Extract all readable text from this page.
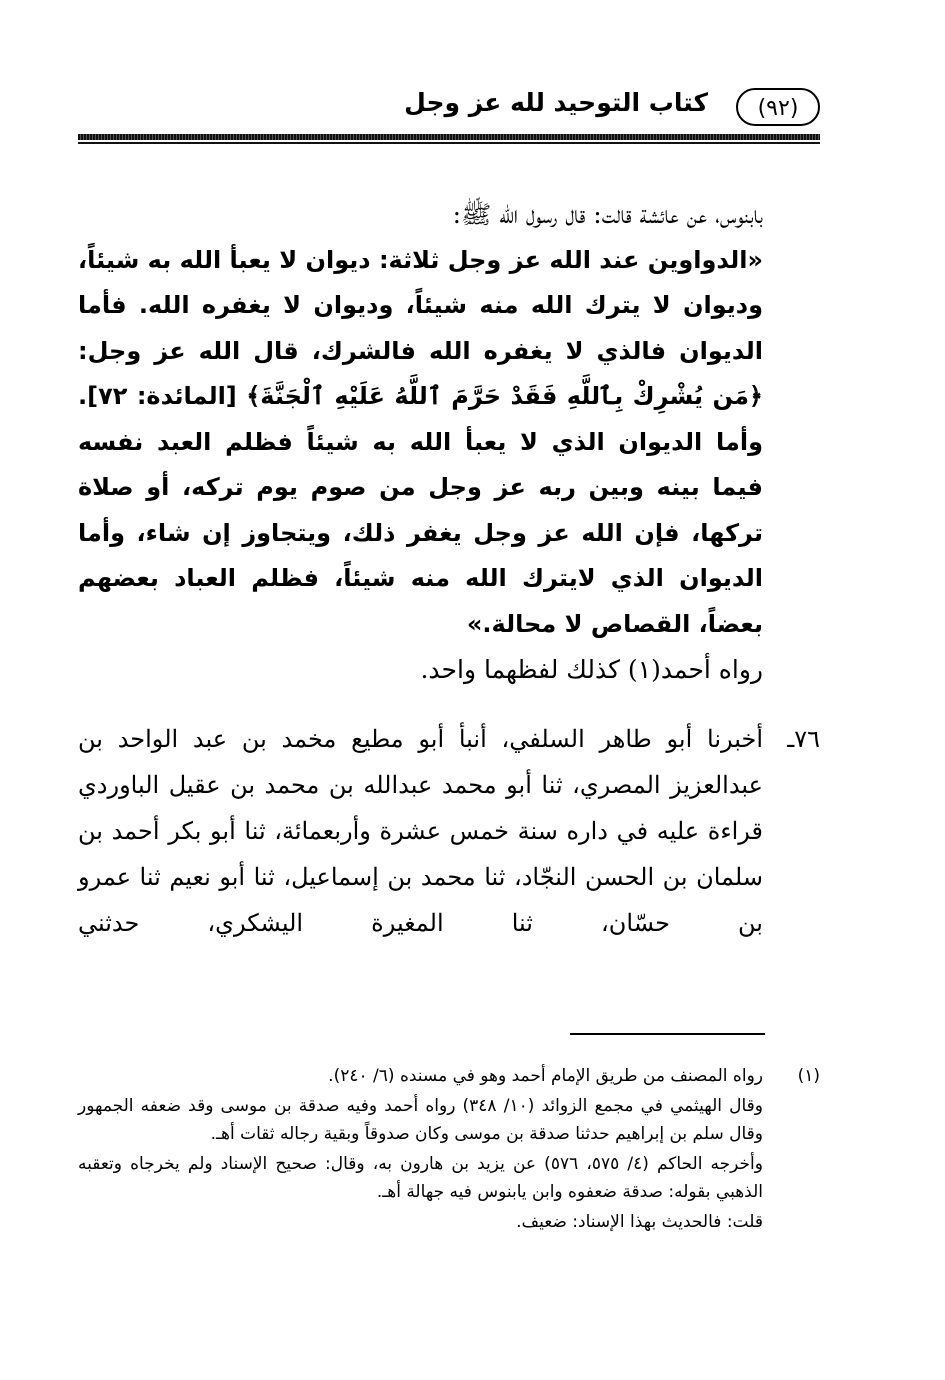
(٩٢)
كتاب التوحيد لله عز وجل

بابنوس، عن عائشة قالت: قال رسول الله ﷺ:

«الدواوين عند الله عز وجل ثلاثة: ديوان لا يعبأ الله به شيئاً، وديوان لا يترك الله منه شيئاً، وديوان لا يغفره الله. فأما الديوان فالذي لا يغفره الله فالشرك، قال الله عز وجل: ﴿مَن يُشْرِكْ بِٱللَّهِ فَقَدْ حَرَّمَ ٱللَّهُ عَلَيْهِ ٱلْجَنَّةَ﴾ [المائدة: ٧٢]. وأما الديوان الذي لا يعبأ الله به شيئاً فظلم العبد نفسه فيما بينه وبين ربه عز وجل من صوم يوم تركه، أو صلاة تركها، فإن الله عز وجل يغفر ذلك، ويتجاوز إن شاء، وأما الديوان الذي لايترك الله منه شيئاً، فظلم العباد بعضهم بعضاً، القصاص لا محالة.»

رواه أحمد(١) كذلك لفظهما واحد.

٧٦ـ
أخبرنا أبو طاهر السلفي، أنبأ أبو مطيع مخمد بن عبد الواحد بن عبدالعزيز المصري، ثنا أبو محمد عبدالله بن محمد بن عقيل الباوردي قراءة عليه في داره سنة خمس عشرة وأربعمائة، ثنا أبو بكر أحمد بن سلمان بن الحسن النجّاد، ثنا محمد بن إسماعيل، ثنا أبو نعيم ثنا عمرو بن حسّان، ثنا المغيرة اليشكري، حدثني
(١)

رواه المصنف من طريق الإمام أحمد وهو في مسنده (٦/ ٢٤٠).

وقال الهيثمي في مجمع الزوائد (١٠/ ٣٤٨) رواه أحمد وفيه صدقة بن موسى وقد ضعفه الجمهور وقال سلم بن إبراهيم حدثنا صدقة بن موسى وكان صدوقاً وبقية رجاله ثقات أهـ.

وأخرجه الحاكم (٤/ ٥٧٥، ٥٧٦) عن يزيد بن هارون به، وقال: صحيح الإسناد ولم يخرجاه وتعقبه الذهبي بقوله: صدقة ضعفوه وابن يابنوس فيه جهالة أهـ.

قلت: فالحديث بهذا الإسناد: ضعيف.
